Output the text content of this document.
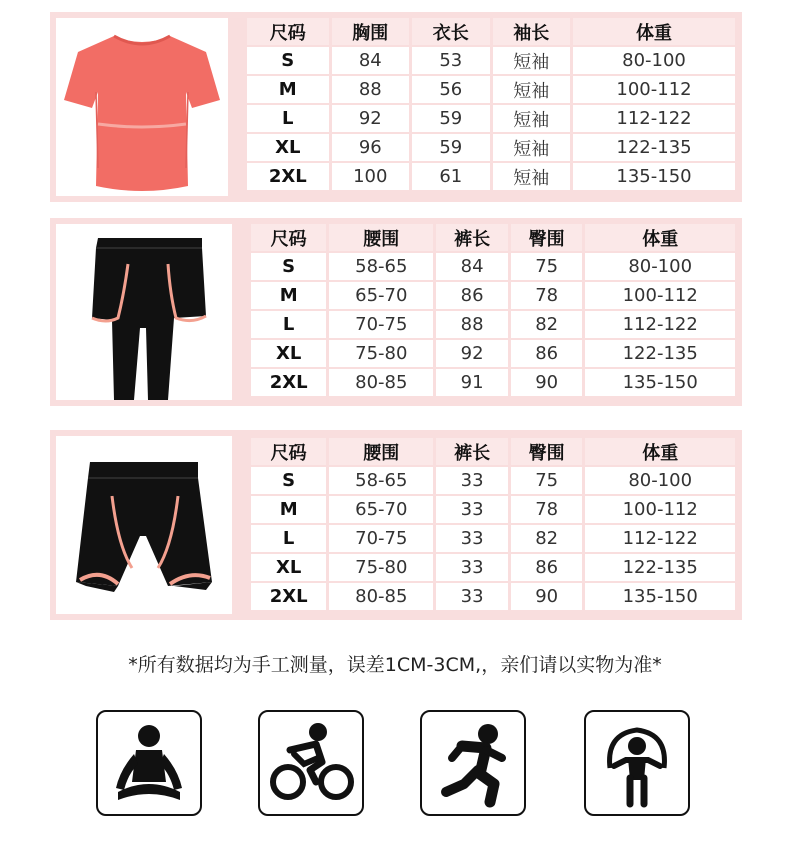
尺码	胸围	衣长	袖长	体重
S	84	53	短袖	80-100
M	88	56	短袖	100-112
L	92	59	短袖	112-122
XL	96	59	短袖	122-135
2XL	100	61	短袖	135-150
尺码	腰围	裤长	臀围	体重
S	58-65	84	75	80-100
M	65-70	86	78	100-112
L	70-75	88	82	112-122
XL	75-80	92	86	122-135
2XL	80-85	91	90	135-150
尺码	腰围	裤长	臀围	体重
S	58-65	33	75	80-100
M	65-70	33	78	100-112
L	70-75	33	82	112-122
XL	75-80	33	86	122-135
2XL	80-85	33	90	135-150
*所有数据均为手工测量，误差1CM-3CM,，亲们请以实物为准*
